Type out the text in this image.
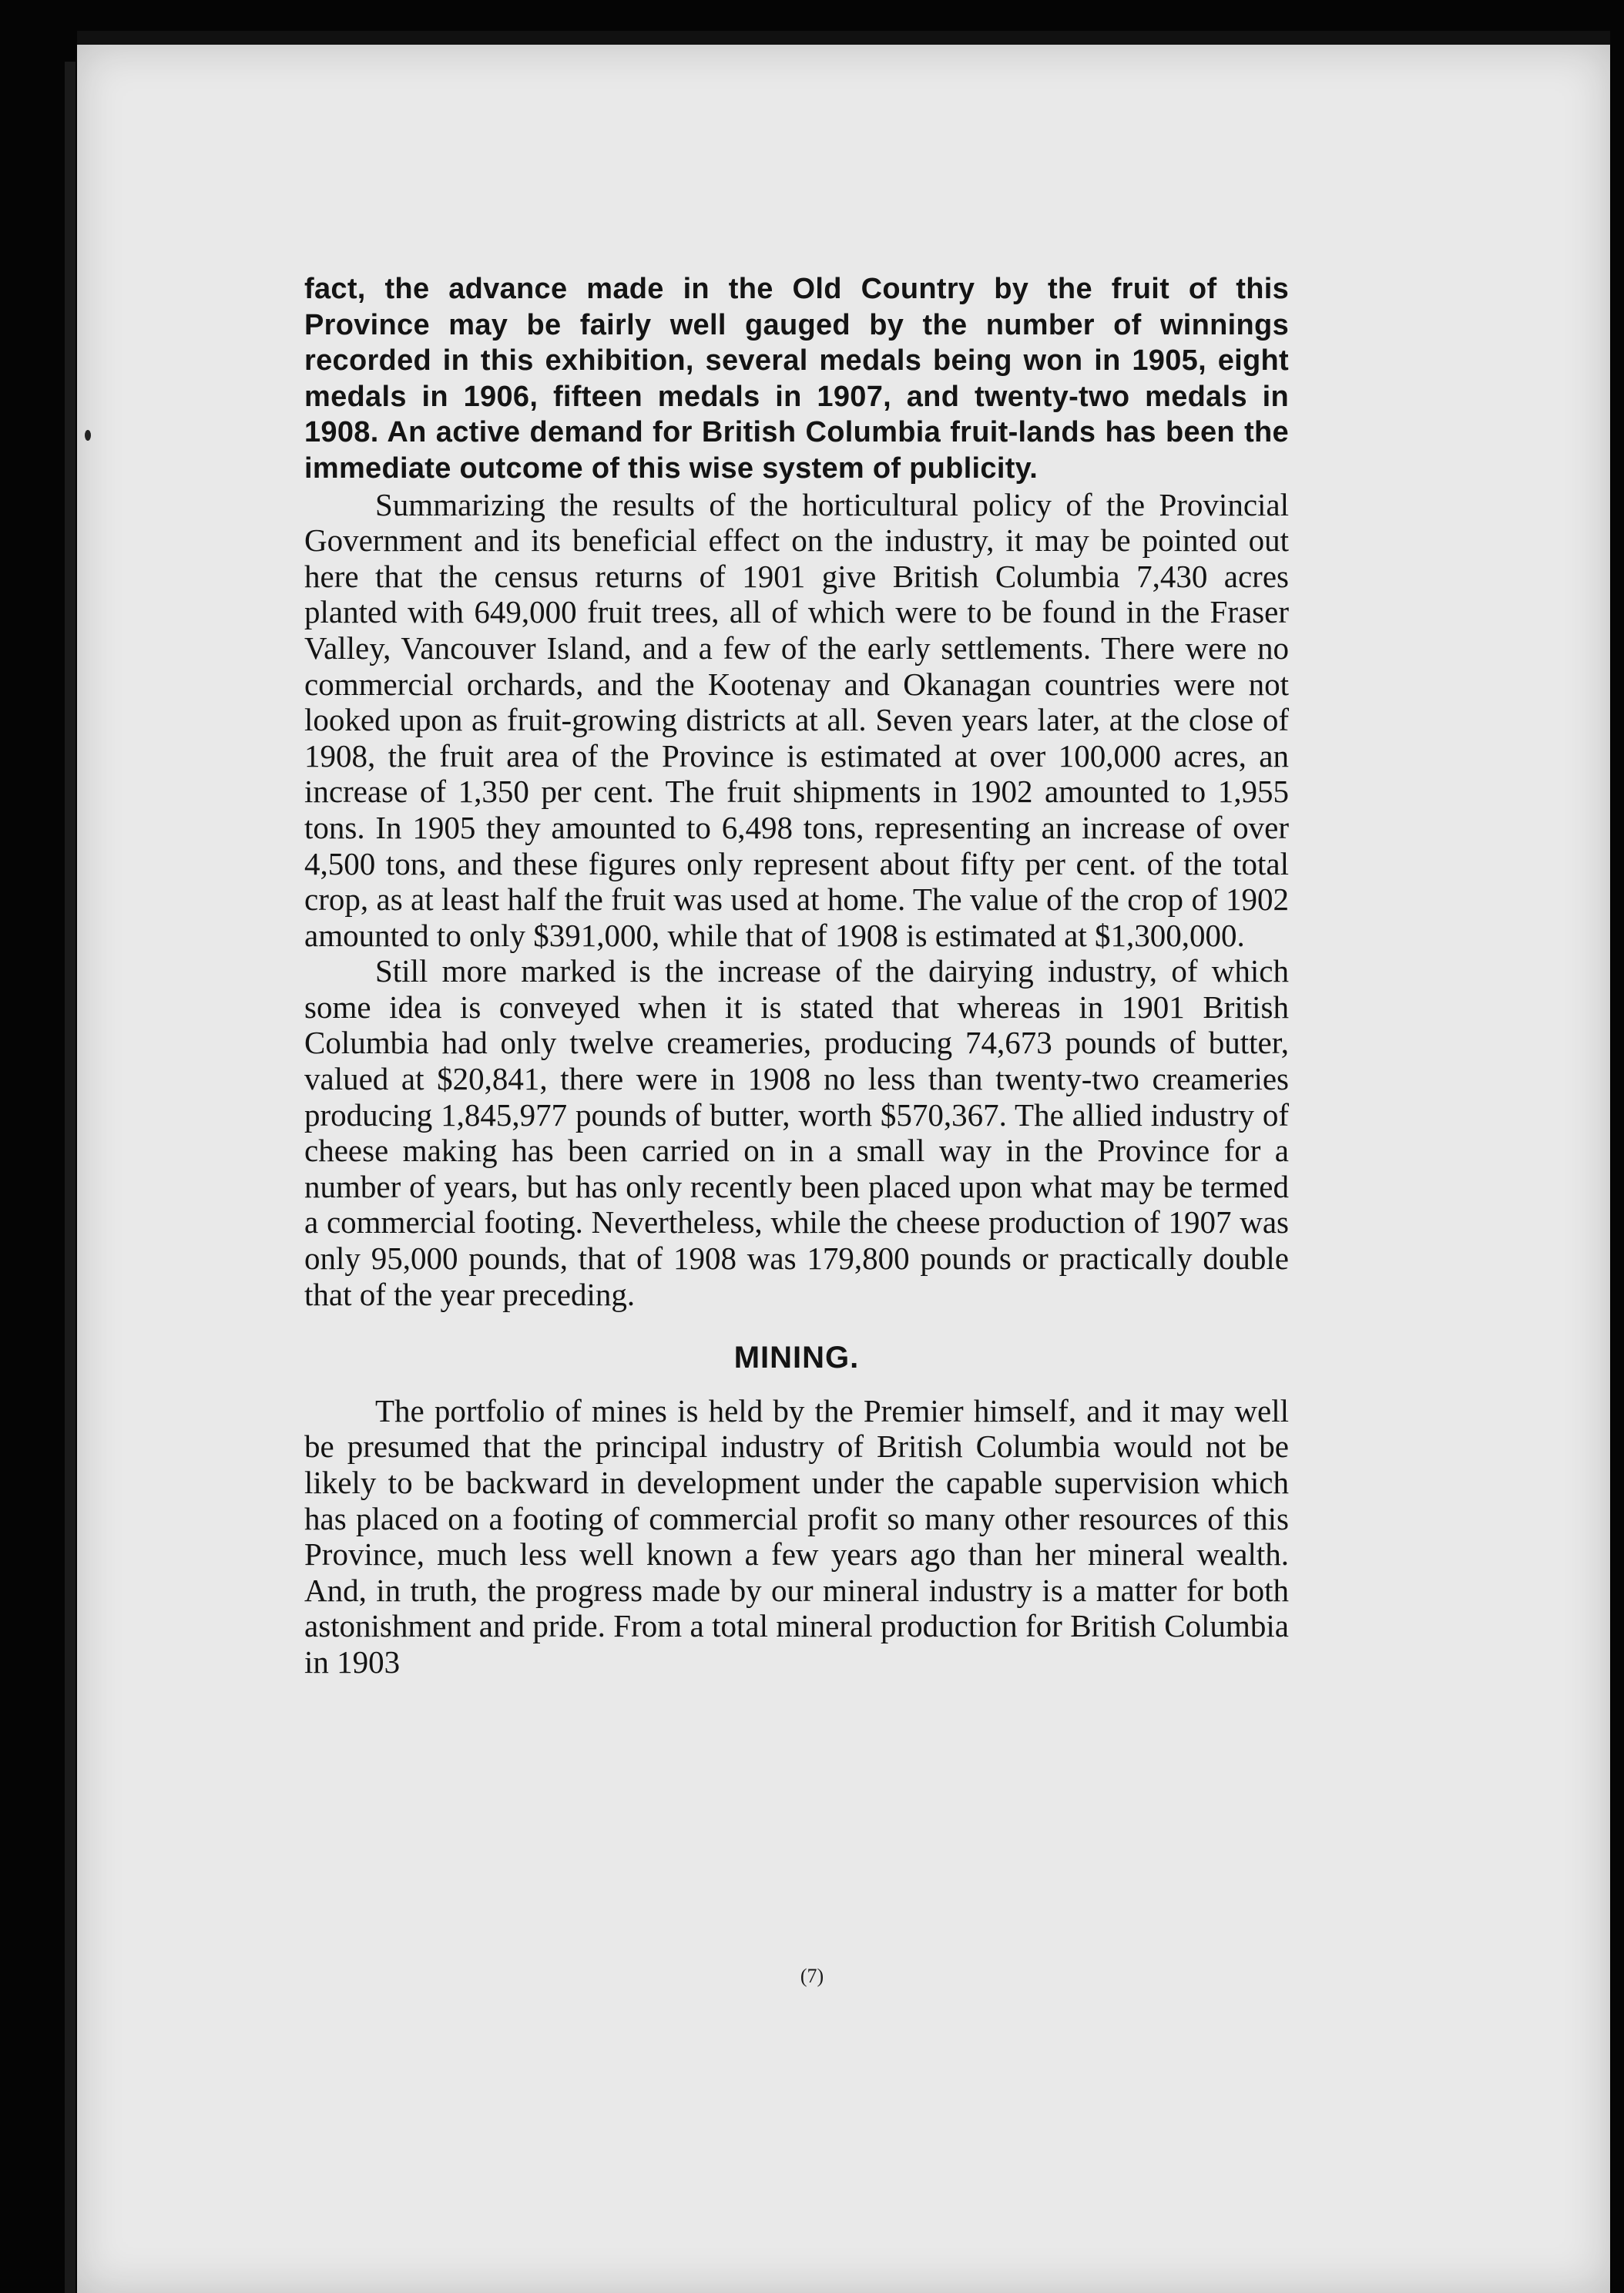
fact, the advance made in the Old Country by the fruit of this Province may be fairly well gauged by the number of winnings recorded in this exhibition, several medals being won in 1905, eight medals in 1906, fifteen medals in 1907, and twenty-two medals in 1908. An active demand for British Columbia fruit-lands has been the immediate outcome of this wise system of publicity.

Summarizing the results of the horticultural policy of the Provincial Government and its beneficial effect on the industry, it may be pointed out here that the census returns of 1901 give British Columbia 7,430 acres planted with 649,000 fruit trees, all of which were to be found in the Fraser Valley, Vancouver Island, and a few of the early settlements. There were no commercial orchards, and the Kootenay and Okanagan countries were not looked upon as fruit-growing districts at all. Seven years later, at the close of 1908, the fruit area of the Province is estimated at over 100,000 acres, an increase of 1,350 per cent. The fruit shipments in 1902 amounted to 1,955 tons. In 1905 they amounted to 6,498 tons, representing an increase of over 4,500 tons, and these figures only represent about fifty per cent. of the total crop, as at least half the fruit was used at home. The value of the crop of 1902 amounted to only $391,000, while that of 1908 is estimated at $1,300,000.

Still more marked is the increase of the dairying industry, of which some idea is conveyed when it is stated that whereas in 1901 British Columbia had only twelve creameries, producing 74,673 pounds of butter, valued at $20,841, there were in 1908 no less than twenty-two creameries producing 1,845,977 pounds of butter, worth $570,367. The allied industry of cheese making has been carried on in a small way in the Province for a number of years, but has only recently been placed upon what may be termed a commercial footing. Nevertheless, while the cheese production of 1907 was only 95,000 pounds, that of 1908 was 179,800 pounds or practically double that of the year preceding.

MINING.

The portfolio of mines is held by the Premier himself, and it may well be presumed that the principal industry of British Columbia would not be likely to be backward in development under the capable supervision which has placed on a footing of commercial profit so many other resources of this Province, much less well known a few years ago than her mineral wealth. And, in truth, the progress made by our mineral industry is a matter for both astonishment and pride. From a total mineral production for British Columbia in 1903

(7)
